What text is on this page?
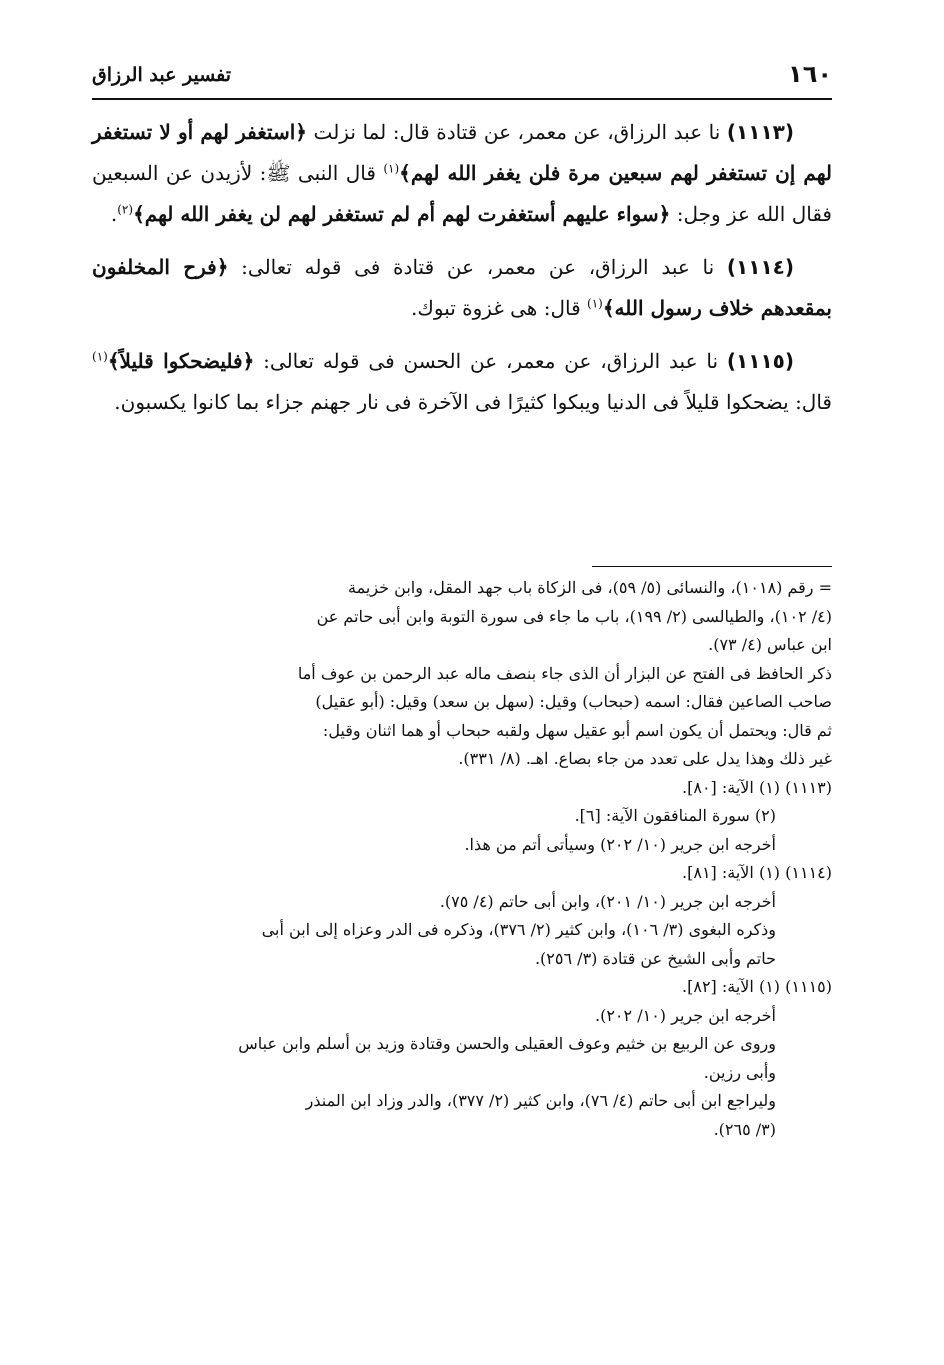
١٦٠
تفسير عبد الرزاق

(١١١٣) نا عبد الرزاق، عن معمر، عن قتادة قال: لما نزلت ﴿استغفر لهم أو لا تستغفر لهم إن تستغفر لهم سبعين مرة فلن يغفر الله لهم﴾$^{(١)}$ قال النبى ﷺ: لأزيدن عن السبعين فقال الله عز وجل: ﴿سواء عليهم أستغفرت لهم أم لم تستغفر لهم لن يغفر الله لهم﴾$^{(٢)}$.

(١١١٤) نا عبد الرزاق، عن معمر، عن قتادة فى قوله تعالى: ﴿فرح المخلفون بمقعدهم خلاف رسول الله﴾$^{(١)}$ قال: هى غزوة تبوك.

(١١١٥) نا عبد الرزاق، عن معمر، عن الحسن فى قوله تعالى: ﴿فليضحكوا قليلاً﴾$^{(١)}$ قال: يضحكوا قليلاً فى الدنيا ويبكوا كثيرًا فى الآخرة فى نار جهنم جزاء بما كانوا يكسبون.

= رقم (١٠١٨)، والنسائى (٥/ ٥٩)، فى الزكاة باب جهد المقل، وابن خزيمة
(٤/ ١٠٢)، والطيالسى (٢/ ١٩٩)، باب ما جاء فى سورة التوبة وابن أبى حاتم عن
ابن عباس (٤/ ٧٣).
ذكر الحافظ فى الفتح عن البزار أن الذى جاء بنصف ماله عبد الرحمن بن عوف أما
صاحب الصاعين فقال: اسمه (حبحاب) وقيل: (سهل بن سعد) وقيل: (أبو عقيل)
ثم قال: ويحتمل أن يكون اسم أبو عقيل سهل ولقبه حبحاب أو هما اثنان وقيل:
غير ذلك وهذا يدل على تعدد من جاء بصاع. اهـ. (٨/ ٣٣١).
(١١١٣) (١) الآية: [٨٠].
(٢) سورة المنافقون الآية: [٦].
أخرجه ابن جرير (١٠/ ٢٠٢) وسيأتى أتم من هذا.
(١١١٤) (١) الآية: [٨١].
أخرجه ابن جرير (١٠/ ٢٠١)، وابن أبى حاتم (٤/ ٧٥).
وذكره البغوى (٣/ ١٠٦)، وابن كثير (٢/ ٣٧٦)، وذكره فى الدر وعزاه إلى ابن أبى
حاتم وأبى الشيخ عن قتادة (٣/ ٢٥٦).
(١١١٥) (١) الآية: [٨٢].
أخرجه ابن جرير (١٠/ ٢٠٢).
وروى عن الربيع بن خثيم وعوف العقيلى والحسن وقتادة وزيد بن أسلم وابن عباس
وأبى رزين.
وليراجع ابن أبى حاتم (٤/ ٧٦)، وابن كثير (٢/ ٣٧٧)، والدر وزاد ابن المنذر
(٣/ ٢٦٥).
